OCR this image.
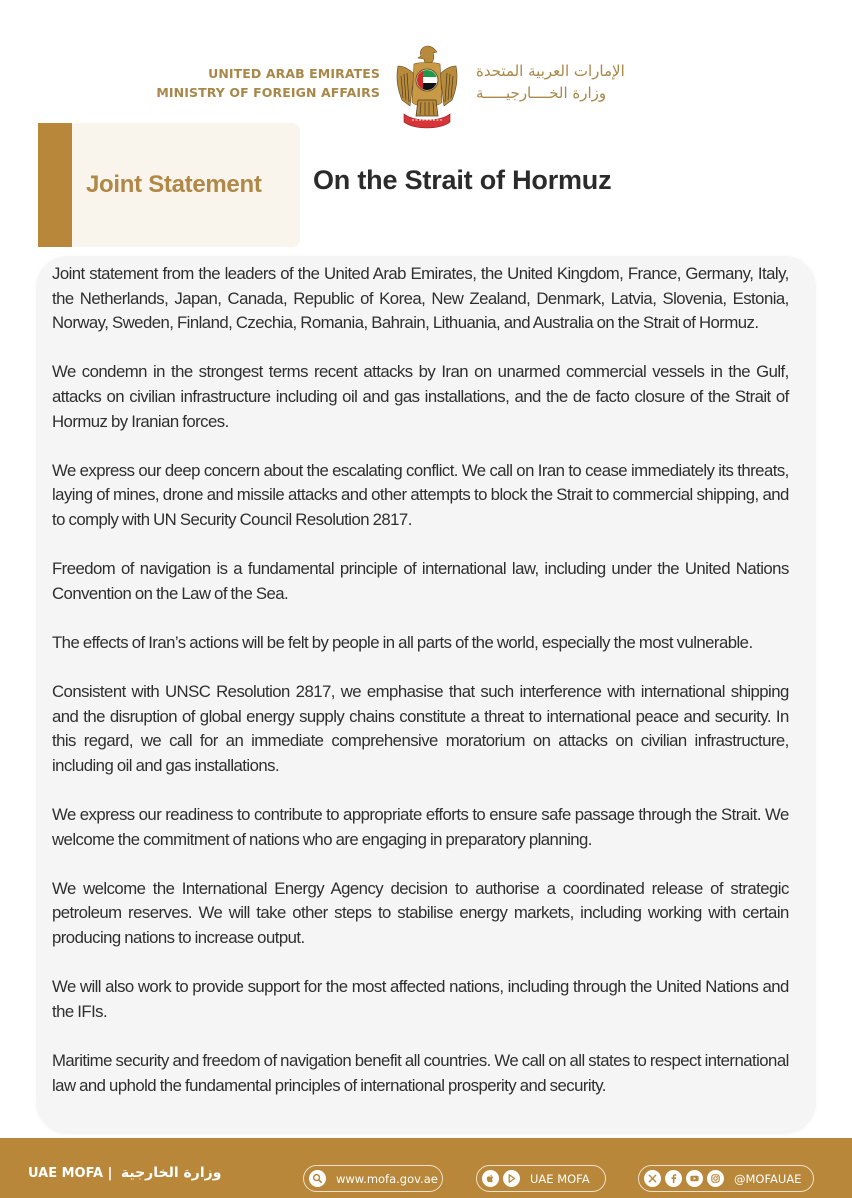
UNITED ARAB EMIRATES
MINISTRY OF FOREIGN AFFAIRS
الإمارات العربية المتحدة
وزارة الخــــارجيـــــة
Joint Statement On the Strait of Hormuz

Joint statement from the leaders of the United Arab Emirates, the United Kingdom, France, Germany, Italy, the Netherlands, Japan, Canada, Republic of Korea, New Zealand, Denmark, Latvia, Slovenia, Estonia, Norway, Sweden, Finland, Czechia, Romania, Bahrain, Lithuania, and Australia on the Strait of Hormuz.

We condemn in the strongest terms recent attacks by Iran on unarmed commercial vessels in the Gulf, attacks on civilian infrastructure including oil and gas installations, and the de facto closure of the Strait of Hormuz by Iranian forces.

We express our deep concern about the escalating conflict. We call on Iran to cease immediately its threats, laying of mines, drone and missile attacks and other attempts to block the Strait to commercial shipping, and to comply with UN Security Council Resolution 2817.

Freedom of navigation is a fundamental principle of international law, including under the United Nations Convention on the Law of the Sea.

The effects of Iran’s actions will be felt by people in all parts of the world, especially the most vulnerable.

Consistent with UNSC Resolution 2817, we emphasise that such interference with international shipping and the disruption of global energy supply chains constitute a threat to international peace and security. In this regard, we call for an immediate comprehensive moratorium on attacks on civilian infrastructure, including oil and gas installations.

We express our readiness to contribute to appropriate efforts to ensure safe passage through the Strait. We welcome the commitment of nations who are engaging in preparatory planning.

We welcome the International Energy Agency decision to authorise a coordinated release of strategic petroleum reserves. We will take other steps to stabilise energy markets, including working with certain producing nations to increase output.

We will also work to provide support for the most affected nations, including through the United Nations and the IFIs.

Maritime security and freedom of navigation benefit all countries. We call on all states to respect international law and uphold the fundamental principles of international prosperity and security.

UAE MOFA | وزارة الخارجية	www.mofa.gov.ae	UAE MOFA	@MOFAUAE
